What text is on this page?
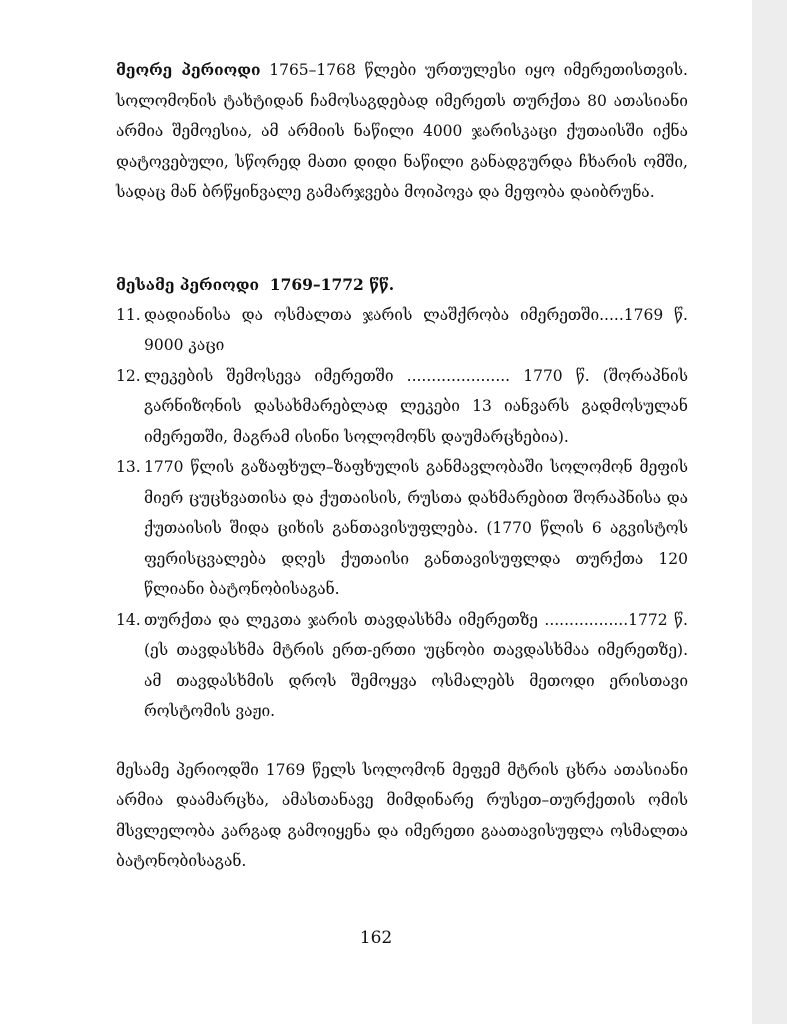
მეორე პერიოდი 1765–1768 წლები ურთულესი იყო იმერეთისთვის. სოლომონის ტახტიდან ჩამოსაგდებად იმერეთს თურქთა 80 ათასიანი არმია შემოესია, ამ არმიის ნაწილი 4000 ჯარისკაცი ქუთაისში იქნა დატოვებული, სწორედ მათი დიდი ნაწილი განადგურდა ჩხარის ომში, სადაც მან ბრწყინვალე გამარჯვება მოიპოვა და მეფობა დაიბრუნა.

მესამე პერიოდი 1769–1772 წწ.
11. დადიანისა და ოსმალთა ჯარის ლაშქრობა იმერეთში.....1769 წ. 9000 კაცი
12. ლეკების შემოსევა იმერეთში ..................... 1770 წ. (შორაპნის გარნიზონის დასახმარებლად ლეკები 13 იანვარს გადმოსულან იმერეთში, მაგრამ ისინი სოლომონს დაუმარცხებია).
13. 1770 წლის გაზაფხულ–ზაფხულის განმავლობაში სოლომონ მეფის მიერ ცუცხვათისა და ქუთაისის, რუსთა დახმარებით შორაპნისა და ქუთაისის შიდა ციხის განთავისუფლება. (1770 წლის 6 აგვისტოს ფერისცვალება დღეს ქუთაისი განთავისუფლდა თურქთა 120 წლიანი ბატონობისაგან.
14. თურქთა და ლეკთა ჯარის თავდასხმა იმერეთზე .................1772 წ. (ეს თავდასხმა მტრის ერთ-ერთი უცნობი თავდასხმაა იმერეთზე). ამ თავდასხმის დროს შემოყვა ოსმალებს მეთოდი ერისთავი როსტომის ვაჟი.

მესამე პერიოდში 1769 წელს სოლომონ მეფემ მტრის ცხრა ათასიანი არმია დაამარცხა, ამასთანავე მიმდინარე რუსეთ–თურქეთის ომის მსვლელობა კარგად გამოიყენა და იმერეთი გაათავისუფლა ოსმალთა ბატონობისაგან.

162
